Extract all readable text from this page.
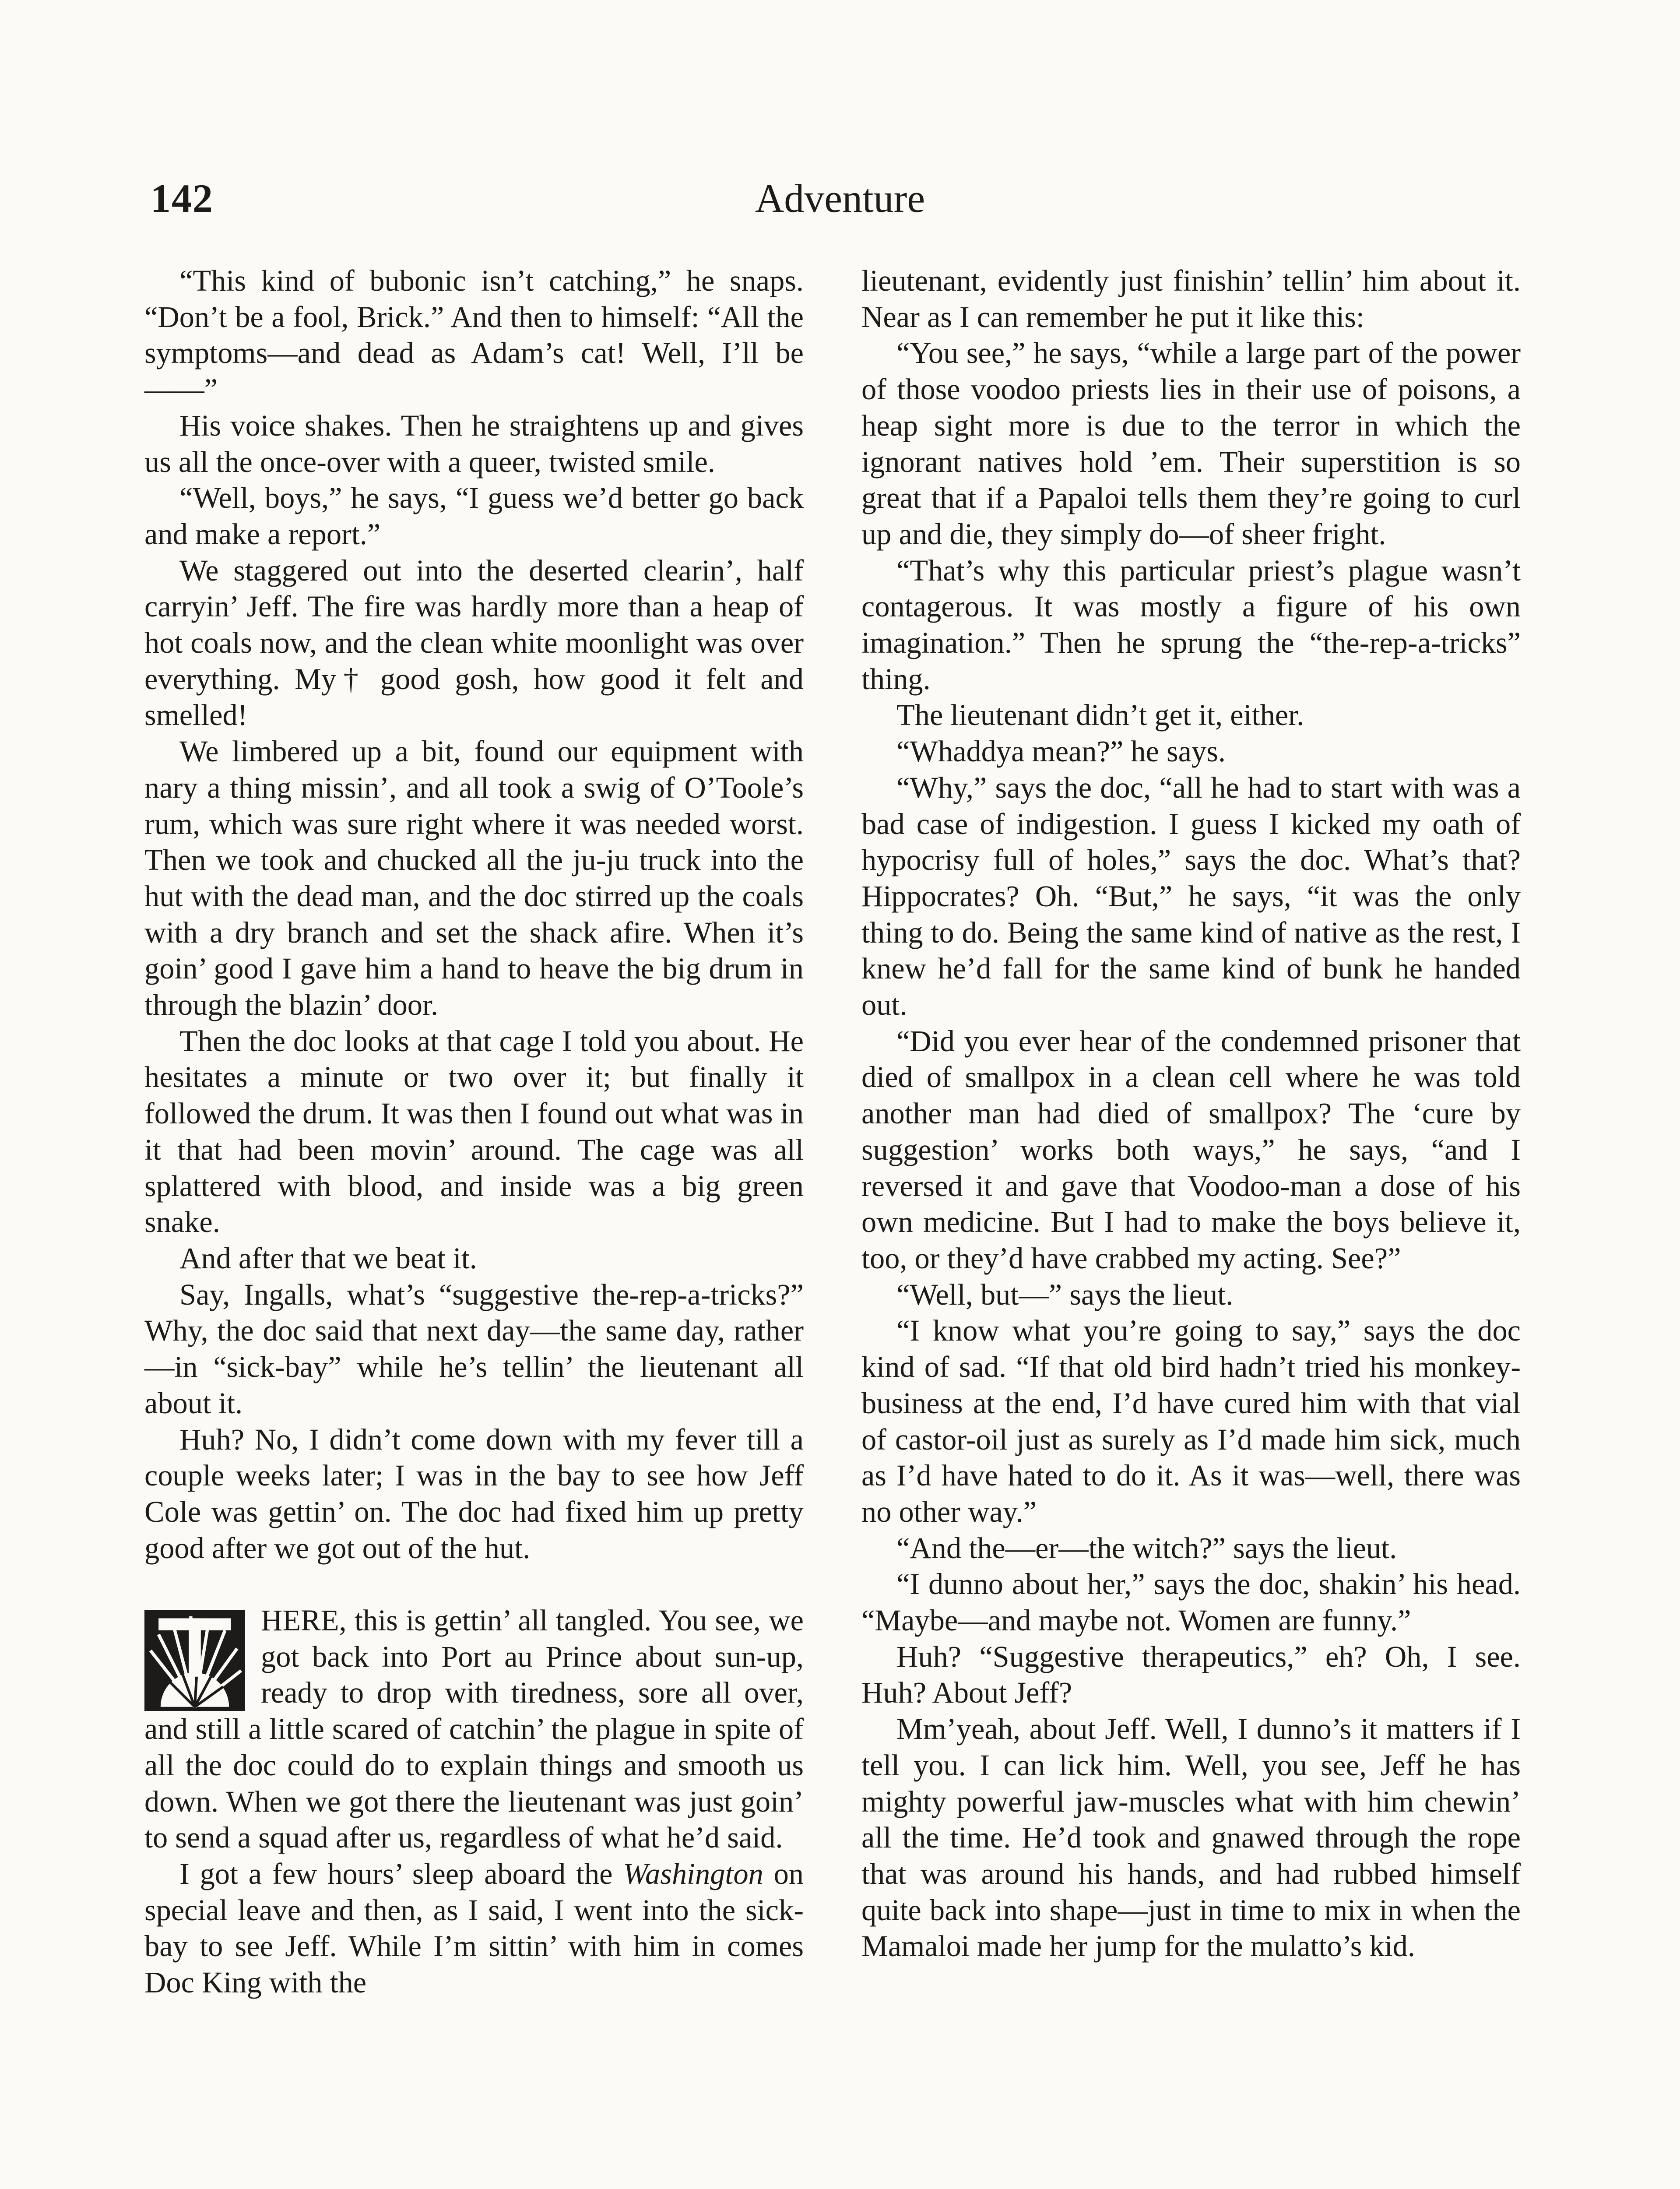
142	Adventure

“This kind of bubonic isn’t catching,” he snaps. “Don’t be a fool, Brick.” And then to himself: “All the symptoms—and dead as Adam’s cat! Well, I’ll be——”

His voice shakes. Then he straightens up and gives us all the once-over with a queer, twisted smile.

“Well, boys,” he says, “I guess we’d better go back and make a report.”

We staggered out into the deserted clearin’, half carryin’ Jeff. The fire was hardly more than a heap of hot coals now, and the clean white moonlight was over everything. My† good gosh, how good it felt and smelled!

We limbered up a bit, found our equipment with nary a thing missin’, and all took a swig of O’Toole’s rum, which was sure right where it was needed worst. Then we took and chucked all the ju-ju truck into the hut with the dead man, and the doc stirred up the coals with a dry branch and set the shack afire. When it’s goin’ good I gave him a hand to heave the big drum in through the blazin’ door.

Then the doc looks at that cage I told you about. He hesitates a minute or two over it; but finally it followed the drum. It was then I found out what was in it that had been movin’ around. The cage was all splattered with blood, and inside was a big green snake.

And after that we beat it.

Say, Ingalls, what’s “suggestive the-rep-a-tricks?” Why, the doc said that next day—the same day, rather—in “sick-bay” while he’s tellin’ the lieutenant all about it.

Huh? No, I didn’t come down with my fever till a couple weeks later; I was in the bay to see how Jeff Cole was gettin’ on. The doc had fixed him up pretty good after we got out of the hut.

HERE, this is gettin’ all tangled. You see, we got back into Port au Prince about sun-up, ready to drop with tiredness, sore all over, and still a little scared of catchin’ the plague in spite of all the doc could do to explain things and smooth us down. When we got there the lieutenant was just goin’ to send a squad after us, regardless of what he’d said.

I got a few hours’ sleep aboard the Washington on special leave and then, as I said, I went into the sick-bay to see Jeff. While I’m sittin’ with him in comes Doc King with the

lieutenant, evidently just finishin’ tellin’ him about it. Near as I can remember he put it like this:

“You see,” he says, “while a large part of the power of those voodoo priests lies in their use of poisons, a heap sight more is due to the terror in which the ignorant natives hold ’em. Their superstition is so great that if a Papaloi tells them they’re going to curl up and die, they simply do—of sheer fright.

“That’s why this particular priest’s plague wasn’t contagerous. It was mostly a figure of his own imagination.” Then he sprung the “the-rep-a-tricks” thing.

The lieutenant didn’t get it, either.

“Whaddya mean?” he says.

“Why,” says the doc, “all he had to start with was a bad case of indigestion. I guess I kicked my oath of hypocrisy full of holes,” says the doc. What’s that? Hippocrates? Oh. “But,” he says, “it was the only thing to do. Being the same kind of native as the rest, I knew he’d fall for the same kind of bunk he handed out.

“Did you ever hear of the condemned prisoner that died of smallpox in a clean cell where he was told another man had died of smallpox? The ‘cure by suggestion’ works both ways,” he says, “and I reversed it and gave that Voodoo-man a dose of his own medicine. But I had to make the boys believe it, too, or they’d have crabbed my acting. See?”

“Well, but—” says the lieut.

“I know what you’re going to say,” says the doc kind of sad. “If that old bird hadn’t tried his monkey-business at the end, I’d have cured him with that vial of castor-oil just as surely as I’d made him sick, much as I’d have hated to do it. As it was—well, there was no other way.”

“And the—er—the witch?” says the lieut.

“I dunno about her,” says the doc, shakin’ his head. “Maybe—and maybe not. Women are funny.”

Huh? “Suggestive therapeutics,” eh? Oh, I see. Huh? About Jeff?

Mm’yeah, about Jeff. Well, I dunno’s it matters if I tell you. I can lick him. Well, you see, Jeff he has mighty powerful jaw-muscles what with him chewin’ all the time. He’d took and gnawed through the rope that was around his hands, and had rubbed himself quite back into shape—just in time to mix in when the Mamaloi made her jump for the mulatto’s kid.
